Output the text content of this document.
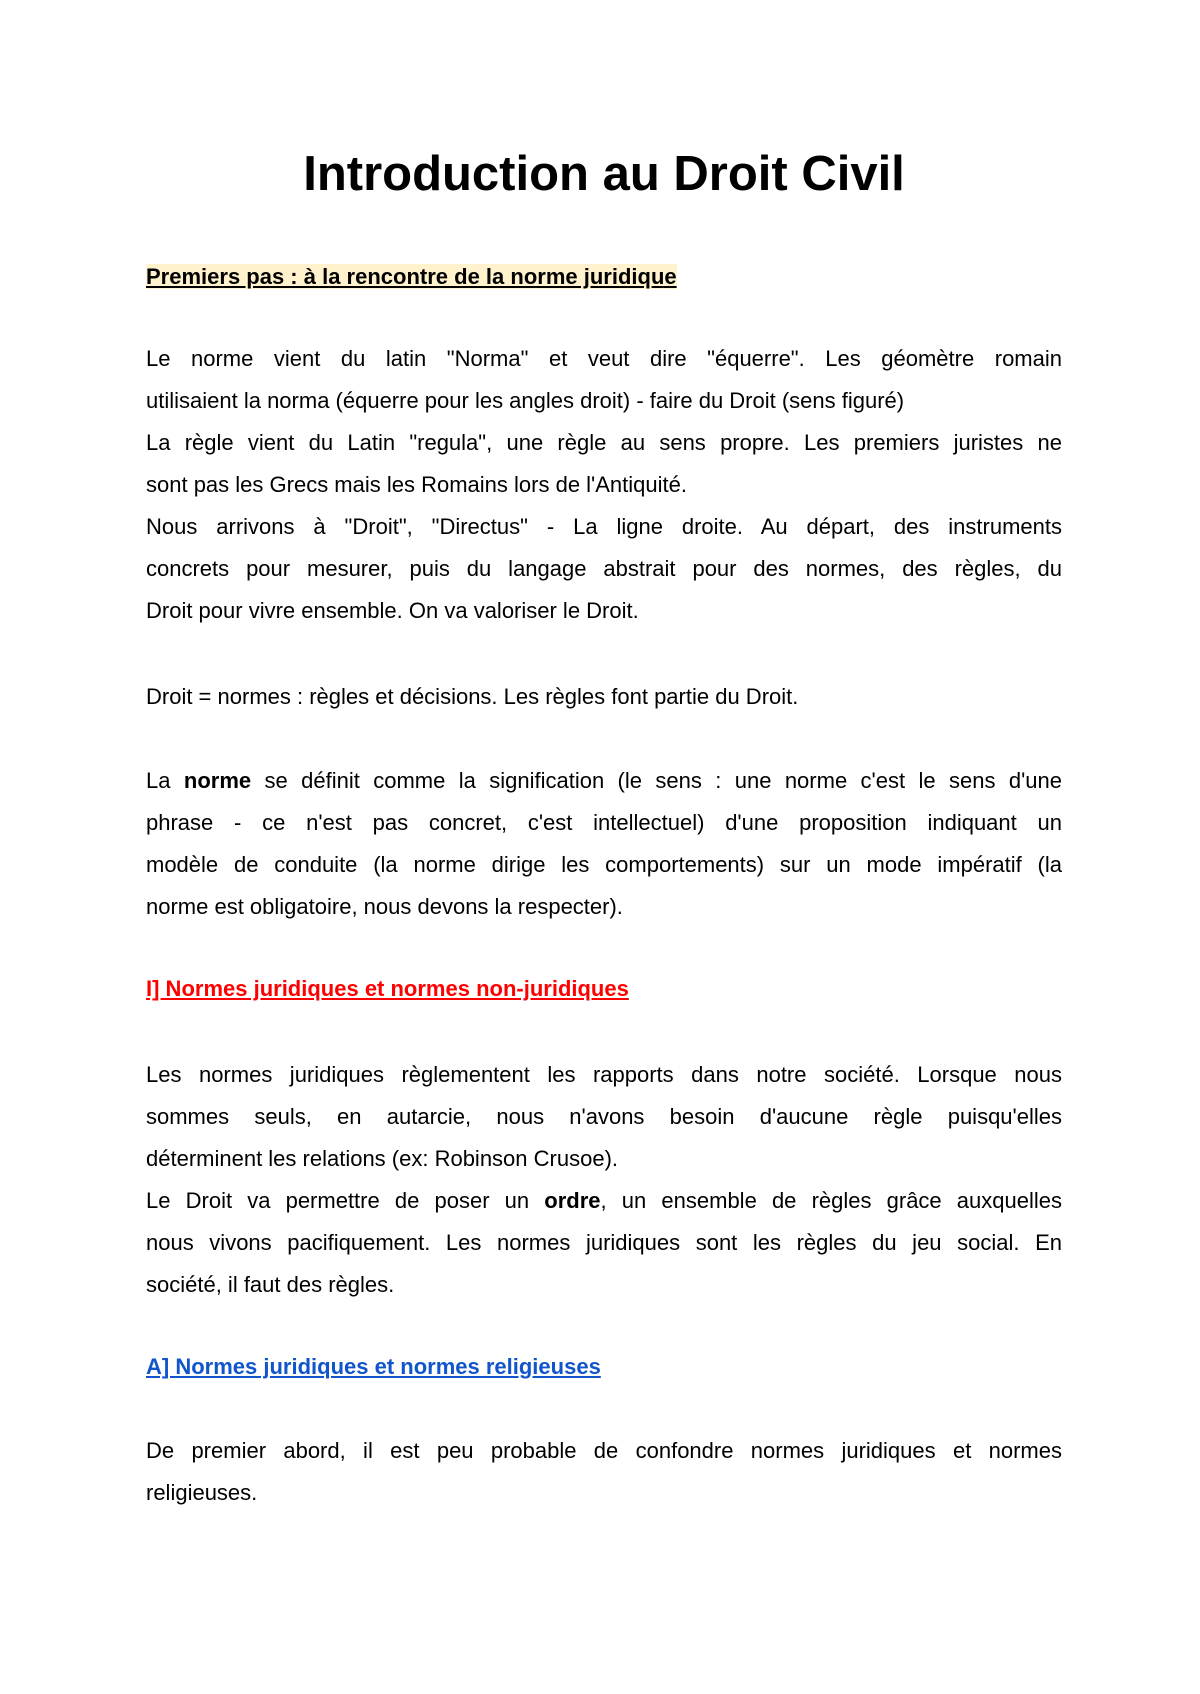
Introduction au Droit Civil
Premiers pas : à la rencontre de la norme juridique
Le norme vient du latin "Norma" et veut dire "équerre". Les géomètre romain
utilisaient la norma (équerre pour les angles droit) - faire du Droit (sens figuré)
La règle vient du Latin "regula", une règle au sens propre. Les premiers juristes ne
sont pas les Grecs mais les Romains lors de l'Antiquité.
Nous arrivons à "Droit", "Directus" - La ligne droite. Au départ, des instruments
concrets pour mesurer, puis du langage abstrait pour des normes, des règles, du
Droit pour vivre ensemble. On va valoriser le Droit.
Droit = normes : règles et décisions. Les règles font partie du Droit.
La norme se définit comme la signification (le sens : une norme c'est le sens d'une
phrase - ce n'est pas concret, c'est intellectuel) d'une proposition indiquant un
modèle de conduite (la norme dirige les comportements) sur un mode impératif (la
norme est obligatoire, nous devons la respecter).
I] Normes juridiques et normes non-juridiques
Les normes juridiques règlementent les rapports dans notre société. Lorsque nous
sommes seuls, en autarcie, nous n'avons besoin d'aucune règle puisqu'elles
déterminent les relations (ex: Robinson Crusoe).
Le Droit va permettre de poser un ordre, un ensemble de règles grâce auxquelles
nous vivons pacifiquement. Les normes juridiques sont les règles du jeu social. En
société, il faut des règles.
A] Normes juridiques et normes religieuses
De premier abord, il est peu probable de confondre normes juridiques et normes
religieuses.
